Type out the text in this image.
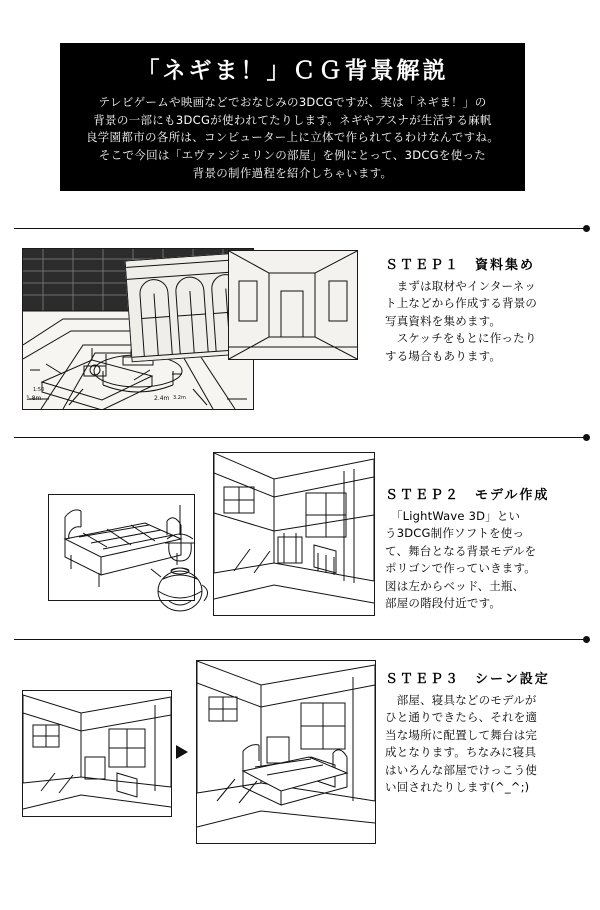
「ネギま！」ＣＧ背景解説

テレビゲームや映画などでおなじみの3DCGですが、実は「ネギま！」の

背景の一部にも3DCGが使われてたりします。ネギやアスナが生活する麻帆

良学園都市の各所は、コンピューター上に立体で作られてるわけなんですね。

そこで今回は「エヴァンジェリンの部屋」を例にとって、3DCGを使った

背景の制作過程を紹介しちゃいます。

1:50
3.2m
1.8m	2.4m
ＳＴＥＰ１　資料集め

　まずは取材やインターネッ

ト上などから作成する背景の

写真資料を集めます。

　スケッチをもとに作ったり

する場合もあります。

ＳＴＥＰ２　モデル作成

　「LightWave 3D」とい

う3DCG制作ソフトを使っ

て、舞台となる背景モデルを

ポリゴンで作っていきます。

図は左からベッド、土瓶、

部屋の階段付近です。

ＳＴＥＰ３　シーン設定

　部屋、寝具などのモデルが

ひと通りできたら、それを適

当な場所に配置して舞台は完

成となります。ちなみに寝具

はいろんな部屋でけっこう使

い回されたりします(^_^;)
